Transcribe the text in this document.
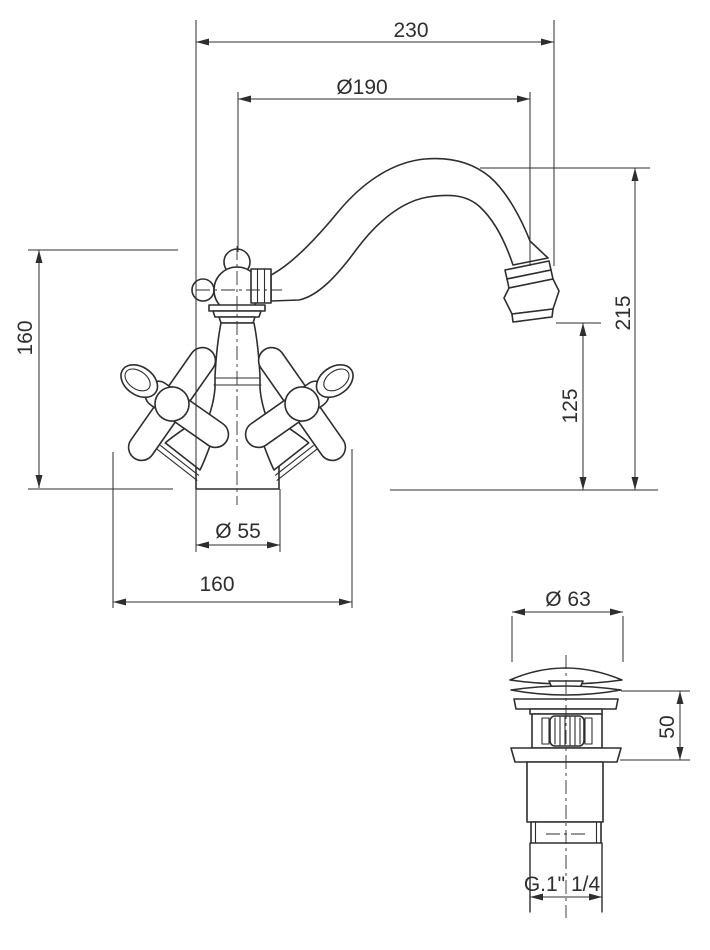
230
Ø190
160
215
125
Ø 55
160
Ø 63
50
G.1" 1/4
